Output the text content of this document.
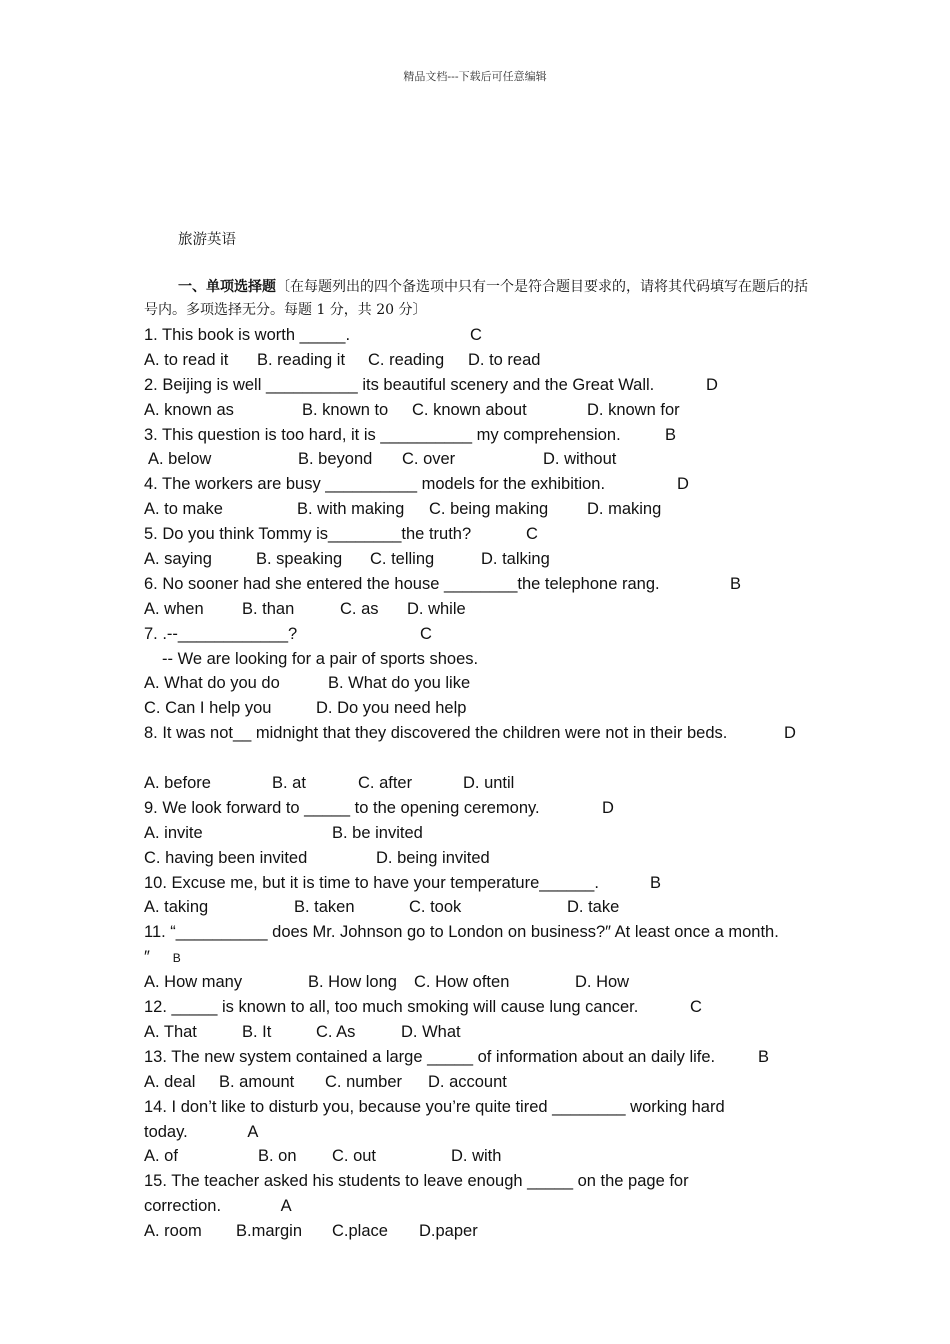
精品文档---下载后可任意编辑
旅游英语
一、单项选择题〔在每题列出的四个备选项中只有一个是符合题目要求的，请将其代码填写在题后的括号内。多项选择无分。每题 1 分，共 20 分〕
1. This book is worth _____.	C
A. to read it B. reading it C. reading D. to read
2. Beijing is well __________ its beautiful scenery and the Great Wall.	D
A. known as	B. known to C. known about	D. known for
3. This question is too hard, it is __________ my comprehension.	B
A. below	B. beyond C. over	D. without
4. The workers are busy __________ models for the exhibition.	D
A. to make	B. with making C. being making D. making
5. Do you think Tommy is________the truth?	C
A. saying	B. speaking C. telling	D. talking
6. No sooner had she entered the house ________the telephone rang.	B
A. when B. than	C. as D. while
7. .--____________?	C
-- We are looking for a pair of sports shoes.
A. What do you do	B. What do you like
C. Can I help you	D. Do you need help
8. It was not__ midnight that they discovered the children were not in their beds.	D
A. before	B. at	C. after	D. until
9. We look forward to _____ to the opening ceremony.	D
A. invite	B. be invited
C. having been invited	D. being invited
10. Excuse me, but it is time to have your temperature______.	B
A. taking	B. taken	C. took	D. take
11. “__________ does Mr. Johnson go to London on business?″ At least once a month.″ B
A. How many	B. How long C. How often	D. How
12. _____ is known to all, too much smoking will cause lung cancer.	C
A. That	B. It	C. As	D. What
13. The new system contained a large _____ of information about an daily life.	B
A. deal B. amount C. number D. account
14. I don’t like to disturb you, because you’re quite tired ________ working hard today.	A
A. of	B. on C. out	D. with
15. The teacher asked his students to leave enough _____ on the page for correction.	A
A. room B.margin C.place D.paper
